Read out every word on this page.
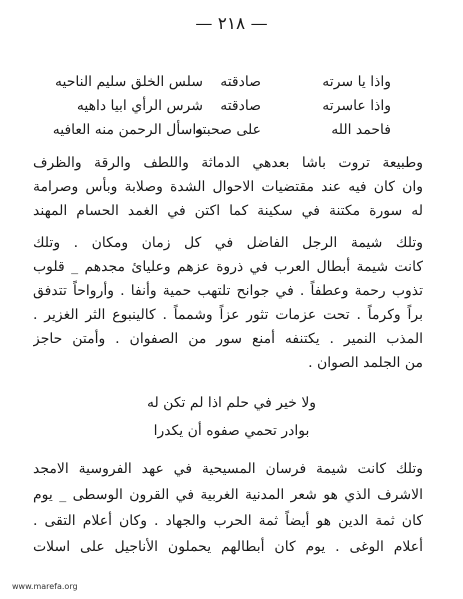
— ٢١٨ —
واذا يا سرته
صادقته
سلس الخلق سليم الناحيه
واذا عاسرته
صادقته
شرس الرأي ابيا داهيه
فاحمد الله
على صحبته
واسأل الرحمن منه العافيه
وطبيعة تروت باشا بعدهي الدماثة واللطف والرقة والظرف
وان كان فيه عند مقتضيات الاحوال الشدة وصلابة وبأس وصرامة
له سورة مكتنة في سكينة كما اكتن في الغمد الحسام المهند
وتلك شيمة الرجل الفاضل في كل زمان ومكان . وتلك
كانت شيمة أبطال العرب في ذروة عزهم وعليائ مجدهم _ قلوب
تذوب رحمة وعطفاً . في جوانح تلتهب حمية وأنفا . وأرواحاً تتدفق
براً وكرماً . تحت عزمات تثور عزاً وشمماً . كالينبوع الثر الغزير .
المذب النمير . يكتنفه أمنع سور من الصفوان . وأمتن حاجز
من الجلمد الصوان .
ولا خير في حلم اذا لم تكن له
بوادر تحمي صفوه أن يكدرا
وتلك كانت شيمة فرسان المسيحية في عهد الفروسية الامجد
الاشرف الذي هو شعر المدنية الغربية في القرون الوسطى _ يوم
كان ثمة الدين هو أيضاً ثمة الحرب والجهاد . وكان أعلام التقى .
أعلام الوغى . يوم كان أبطالهم يحملون الأناجيل على اسلات
www.marefa.org
